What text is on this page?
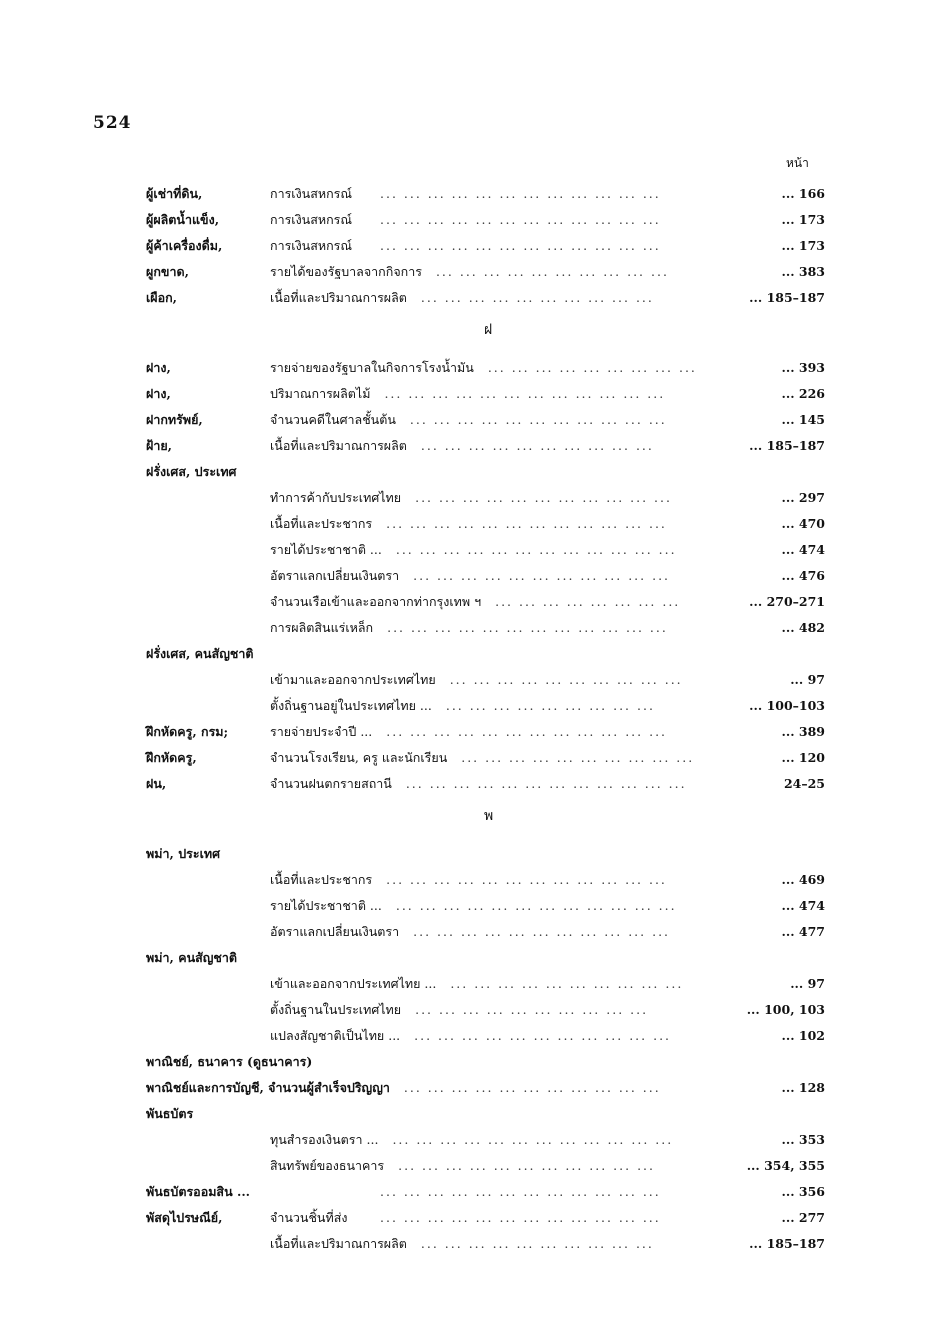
524
หน้า
ผู้เช่าที่ดิน,	การเงินสหกรณ์ ... ... ... ... ... ... ... ... ... ... ... ...	... 166
ผู้ผลิตน้ำแข็ง,	การเงินสหกรณ์ ... ... ... ... ... ... ... ... ... ... ... ...	... 173
ผู้ค้าเครื่องดื่ม,	การเงินสหกรณ์ ... ... ... ... ... ... ... ... ... ... ... ...	... 173
ผูกขาด,	รายได้ของรัฐบาลจากกิจการ ... ... ... ... ... ... ... ... ... ...	... 383
เผือก,	เนื้อที่และปริมาณการผลิต ... ... ... ... ... ... ... ... ... ...	... 185–187
ฝ
ฝาง,	รายจ่ายของรัฐบาลในกิจการโรงน้ำมัน ... ... ... ... ... ... ... ... ...	... 393
ฝาง,	ปริมาณการผลิตไม้ ... ... ... ... ... ... ... ... ... ... ... ...	... 226
ฝากทรัพย์,	จำนวนคดีในศาลชั้นต้น ... ... ... ... ... ... ... ... ... ... ...	... 145
ฝ้าย,	เนื้อที่และปริมาณการผลิต ... ... ... ... ... ... ... ... ... ...	... 185–187
ฝรั่งเศส, ประเทศ
ทำการค้ากับประเทศไทย ... ... ... ... ... ... ... ... ... ... ...	... 297
เนื้อที่และประชากร ... ... ... ... ... ... ... ... ... ... ... ...	... 470
รายได้ประชาชาติ ... ... ... ... ... ... ... ... ... ... ... ... ...	... 474
อัตราแลกเปลี่ยนเงินตรา ... ... ... ... ... ... ... ... ... ... ...	... 476
จำนวนเรือเข้าและออกจากท่ากรุงเทพ ฯ ... ... ... ... ... ... ... ...	... 270–271
การผลิตสินแร่เหล็ก ... ... ... ... ... ... ... ... ... ... ... ...	... 482
ฝรั่งเศส, คนสัญชาติ
เข้ามาและออกจากประเทศไทย ... ... ... ... ... ... ... ... ... ...	... 97
ตั้งถิ่นฐานอยู่ในประเทศไทย ... ... ... ... ... ... ... ... ... ...	... 100–103
ฝึกหัดครู, กรม;	รายจ่ายประจำปี ... ... ... ... ... ... ... ... ... ... ... ... ...	... 389
ฝึกหัดครู,	จำนวนโรงเรียน, ครู และนักเรียน ... ... ... ... ... ... ... ... ... ...	... 120
ฝน,	จำนวนฝนตกรายสถานี ... ... ... ... ... ... ... ... ... ... ... ...	24–25
พ
พม่า, ประเทศ
เนื้อที่และประชากร ... ... ... ... ... ... ... ... ... ... ... ...	... 469
รายได้ประชาชาติ ... ... ... ... ... ... ... ... ... ... ... ... ...	... 474
อัตราแลกเปลี่ยนเงินตรา ... ... ... ... ... ... ... ... ... ... ...	... 477
พม่า, คนสัญชาติ
เข้าและออกจากประเทศไทย ... ... ... ... ... ... ... ... ... ... ...	... 97
ตั้งถิ่นฐานในประเทศไทย ... ... ... ... ... ... ... ... ... ...	... 100, 103
แปลงสัญชาติเป็นไทย ... ... ... ... ... ... ... ... ... ... ... ...	... 102
พาณิชย์, ธนาคาร (ดูธนาคาร)
พาณิชย์และการบัญชี, จำนวนผู้สำเร็จปริญญา ... ... ... ... ... ... ... ... ... ... ...	... 128
พันธบัตร
ทุนสำรองเงินตรา ... ... ... ... ... ... ... ... ... ... ... ... ...	... 353
สินทรัพย์ของธนาคาร ... ... ... ... ... ... ... ... ... ... ...	... 354, 355
พันธบัตรออมสิน ...	... ... ... ... ... ... ... ... ... ... ... ...	... 356
พัสดุไปรษณีย์,	จำนวนชิ้นที่ส่ง	... ... ... ... ... ... ... ... ... ... ... ...	... 277
เนื้อที่และปริมาณการผลิต ... ... ... ... ... ... ... ... ... ...	... 185–187
